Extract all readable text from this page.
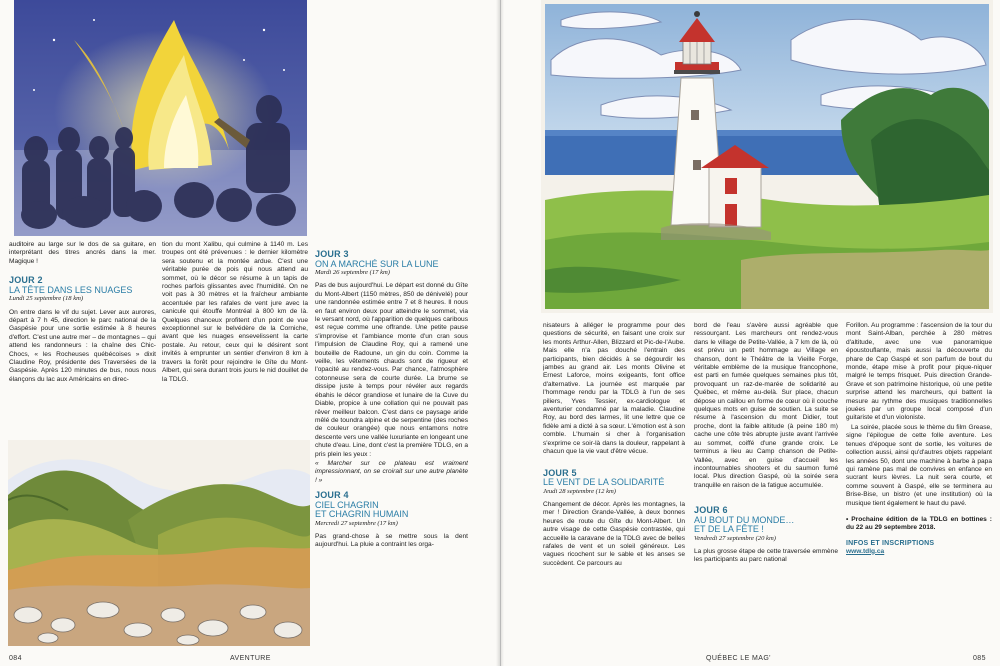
auditoire au large sur le dos de sa guitare, en interprétant des titres ancrés dans la mer. Magique !

JOUR 2
LA TÊTE DANS LES NUAGES
Lundi 25 septembre (18 km)

On entre dans le vif du sujet. Lever aux aurores, départ à 7 h 45, direction le parc national de la Gaspésie pour une sortie estimée à 8 heures d'effort. C'est une autre mer – de montagnes – qui attend les randonneurs : la chaîne des Chic-Chocs, « les Rocheuses québécoises » dixit Claudine Roy, présidente des Traversées de la Gaspésie. Après 120 minutes de bus, nous nous élançons du lac aux Américains en direc-

tion du mont Xalibu, qui culmine à 1140 m. Les troupes ont été prévenues : le dernier kilomètre sera soutenu et la montée ardue. C'est une véritable purée de pois qui nous attend au sommet, où le décor se résume à un tapis de roches parfois glissantes avec l'humidité. On ne voit pas à 30 mètres et la fraîcheur ambiante accentuée par les rafales de vent jure avec la canicule qui étouffe Montréal à 800 km de là. Quelques chanceux profitent d'un point de vue exceptionnel sur le belvédère de la Corniche, avant que les nuages ensevelissent la carte postale. Au retour, ceux qui le désirent sont invités à emprunter un sentier d'environ 8 km à travers la forêt pour rejoindre le Gîte du Mont-Albert, qui sera durant trois jours le nid douillet de la TDLG.

JOUR 3
ON A MARCHÉ SUR LA LUNE
Mardi 26 septembre (17 km)

Pas de bus aujourd'hui. Le départ est donné du Gîte du Mont-Albert (1150 mètres, 850 de dénivelé) pour une randonnée estimée entre 7 et 8 heures. Il nous en faut environ deux pour atteindre le sommet, via le versant nord, où l'apparition de quelques caribous est reçue comme une offrande. Une petite pause s'improvise et l'ambiance monte d'un cran sous l'impulsion de Claudine Roy, qui a ramené une bouteille de Radoune, un gin du coin. Comme la veille, les vêtements chauds sont de rigueur et l'opacité au rendez-vous. Par chance, l'atmosphère cotonneuse sera de courte durée. La brume se dissipe juste à temps pour révéler aux regards ébahis le décor grandiose et lunaire de la Cuve du Diable, propice à une collation qui ne pouvait pas rêver meilleur balcon. C'est dans ce paysage aride mêlé de toundra alpine et de serpentine (des roches de couleur orangée) que nous entamons notre descente vers une vallée luxuriante en longeant une chute d'eau. Line, dont c'est la première TDLG, en a pris plein les yeux :

« Marcher sur ce plateau est vraiment impressionnant, on se croirait sur une autre planète ! »

JOUR 4
CIEL CHAGRIN
ET CHAGRIN HUMAIN
Mercredi 27 septembre (17 km)

Pas grand-chose à se mettre sous la dent aujourd'hui. La pluie a contraint les orga-

084	AVENTURE

nisateurs à alléger le programme pour des questions de sécurité, en faisant une croix sur les monts Arthur-Allen, Blizzard et Pic-de-l'Aube. Mais elle n'a pas douché l'entrain des participants, bien décidés à se dégourdir les jambes au grand air. Les monts Olivine et Ernest Laforce, moins exigeants, font office d'alternative. La journée est marquée par l'hommage rendu par la TDLG à l'un de ses piliers, Yves Tessier, ex-cardiologue et aventurier condamné par la maladie. Claudine Roy, au bord des larmes, lit une lettre que ce fidèle ami a dicté à sa sœur. L'émotion est à son comble. L'humain si cher à l'organisation s'exprime ce soir-là dans la douleur, rappelant à chacun que la vie vaut d'être vécue.

JOUR 5
LE VENT DE LA SOLIDARITÉ
Jeudi 28 septembre (12 km)

Changement de décor. Après les montagnes, la mer ! Direction Grande-Vallée, à deux bonnes heures de route du Gîte du Mont-Albert. Un autre visage de cette Gaspésie contrastée, qui accueille la caravane de la TDLG avec de belles rafales de vent et un soleil généreux. Les vagues ricochent sur le sable et les anses se succèdent. Ce parcours au

bord de l'eau s'avère aussi agréable que ressourçant. Les marcheurs ont rendez-vous dans le village de Petite-Vallée, à 7 km de là, où est prévu un petit hommage au Village en chanson, dont le Théâtre de la Vieille Forge, véritable emblème de la musique francophone, est parti en fumée quelques semaines plus tôt, provoquant un raz-de-marée de solidarité au Québec, et même au-delà. Sur place, chacun dépose un caillou en forme de cœur où il couche quelques mots en guise de soutien. La suite se résume à l'ascension du mont Didier, tout proche, dont la faible altitude (à peine 180 m) cache une côte très abrupte juste avant l'arrivée au sommet, coiffé d'une grande croix. Le terminus a lieu au Camp chanson de Petite-Vallée, avec en guise d'accueil les incontournables shooters et du saumon fumé local. Plus direction Gaspé, où la soirée sera tranquille en raison de la fatigue accumulée.

JOUR 6
AU BOUT DU MONDE…
ET DE LA FÊTE !
Vendredi 27 septembre (20 km)

La plus grosse étape de cette traversée emmène les participants au parc national

Forillon. Au programme : l'ascension de la tour du mont Saint-Alban, perchée à 280 mètres d'altitude, avec une vue panoramique époustouflante, mais aussi la découverte du phare de Cap Gaspé et son parfum de bout du monde, étape mise à profit pour pique-niquer malgré le temps frisquet. Puis direction Grande-Grave et son patrimoine historique, où une petite surprise attend les marcheurs, qui battent la mesure au rythme des musiques traditionnelles jouées par un groupe local composé d'un guitariste et d'un violoniste.

La soirée, placée sous le thème du film Grease, signe l'épilogue de cette folle aventure. Les tenues d'époque sont de sortie, les voitures de collection aussi, ainsi qu'd'autres objets rappelant les années 50, dont une machine à barbe à papa qui ramène pas mal de convives en enfance en sucrant leurs lèvres. La nuit sera courte, et comme souvent à Gaspé, elle se terminera au Brise-Bise, un bistro (et une institution) où la musique tient également le haut du pavé.

• Prochaine édition de la TDLG en bottines : du 22 au 29 septembre 2018.

INFOS ET INSCRIPTIONS
www.tdlg.ca
QUÉBEC LE MAG'	085
